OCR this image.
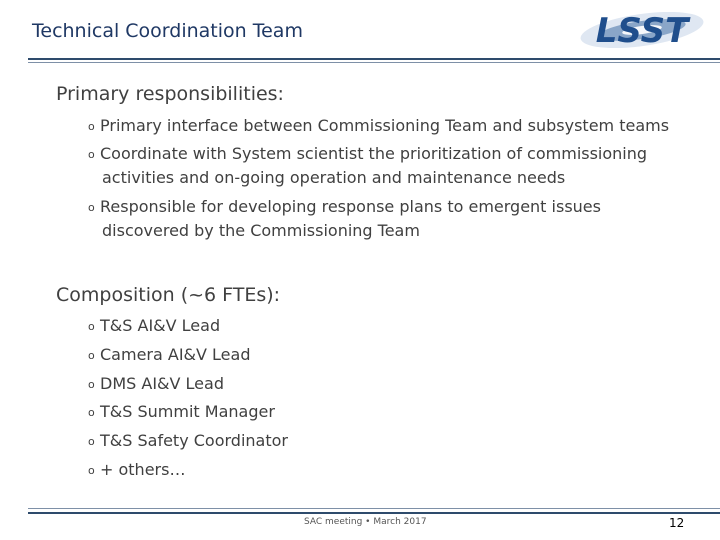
Technical Coordination Team	LSST
Primary responsibilities:
o Primary interface between Commissioning Team and subsystem teams
o Coordinate with System scientist the prioritization of commissioning
activities and on-going operation and maintenance needs
o Responsible for developing response plans to emergent issues
discovered by the Commissioning Team
Composition (~6 FTEs):
o T&S AI&V Lead
o Camera AI&V Lead
o DMS AI&V Lead
o T&S Summit Manager
o T&S Safety Coordinator
o + others…
SAC meeting • March 2017	12
